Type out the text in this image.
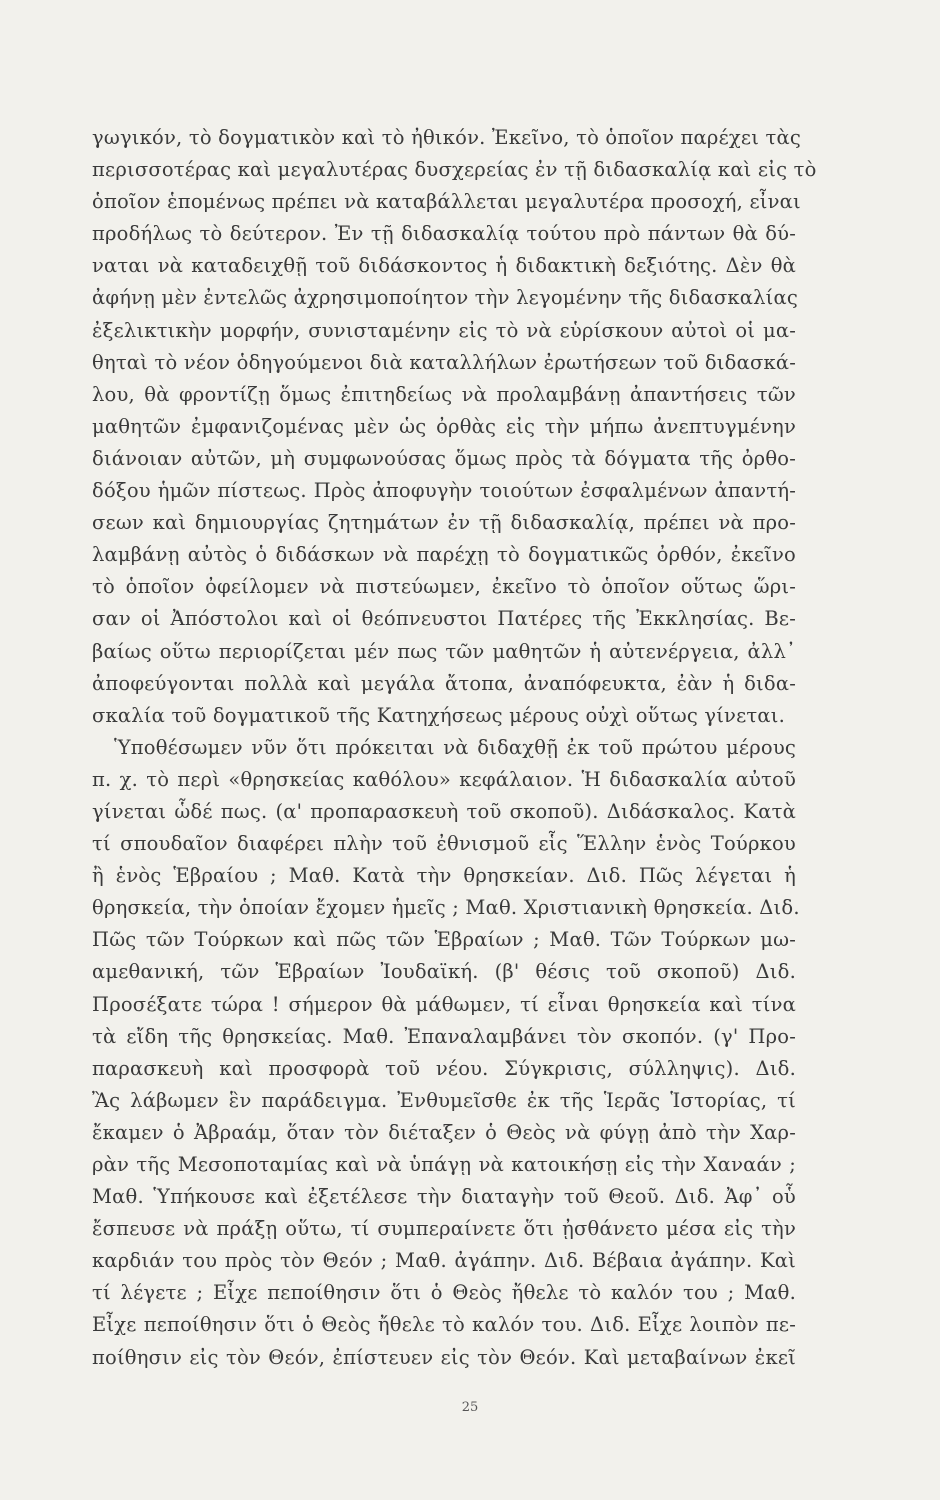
γωγικόν, τὸ δογματικὸν καὶ τὸ ἠθικόν. Ἐκεῖνο, τὸ ὁποῖον παρέχει τὰς
περισσοτέρας καὶ μεγαλυτέρας δυσχερείας ἐν τῇ διδασκαλίᾳ καὶ εἰς τὸ
ὁποῖον ἑπομένως πρέπει νὰ καταβάλλεται μεγαλυτέρα προσοχή, εἶναι
προδήλως τὸ δεύτερον. Ἐν τῇ διδασκαλίᾳ τούτου πρὸ πάντων θὰ δύ-
ναται νὰ καταδειχθῇ τοῦ διδάσκοντος ἡ διδακτικὴ δεξιότης. Δὲν θὰ
ἀφήνῃ μὲν ἐντελῶς ἀχρησιμοποίητον τὴν λεγομένην τῆς διδασκαλίας
ἐξελικτικὴν μορφήν, συνισταμένην εἰς τὸ νὰ εὑρίσκουν αὐτοὶ οἱ μα-
θηταὶ τὸ νέον ὁδηγούμενοι διὰ καταλλήλων ἐρωτήσεων τοῦ διδασκά-
λου, θὰ φροντίζῃ ὅμως ἐπιτηδείως νὰ προλαμβάνῃ ἀπαντήσεις τῶν
μαθητῶν ἐμφανιζομένας μὲν ὡς ὀρθὰς εἰς τὴν μήπω ἀνεπτυγμένην
διάνοιαν αὐτῶν, μὴ συμφωνούσας ὅμως πρὸς τὰ δόγματα τῆς ὀρθο-
δόξου ἡμῶν πίστεως. Πρὸς ἀποφυγὴν τοιούτων ἐσφαλμένων ἀπαντή-
σεων καὶ δημιουργίας ζητημάτων ἐν τῇ διδασκαλίᾳ, πρέπει νὰ προ-
λαμβάνῃ αὐτὸς ὁ διδάσκων νὰ παρέχῃ τὸ δογματικῶς ὀρθόν, ἐκεῖνο
τὸ ὁποῖον ὀφείλομεν νὰ πιστεύωμεν, ἐκεῖνο τὸ ὁποῖον οὕτως ὥρι-
σαν οἱ Ἀπόστολοι καὶ οἱ θεόπνευστοι Πατέρες τῆς Ἐκκλησίας. Βε-
βαίως οὕτω περιορίζεται μέν πως τῶν μαθητῶν ἡ αὐτενέργεια, ἀλλ᾽
ἀποφεύγονται πολλὰ καὶ μεγάλα ἄτοπα, ἀναπόφευκτα, ἐὰν ἡ διδα-
σκαλία τοῦ δογματικοῦ τῆς Κατηχήσεως μέρους οὐχὶ οὕτως γίνεται.
Ὑποθέσωμεν νῦν ὅτι πρόκειται νὰ διδαχθῇ ἐκ τοῦ πρώτου μέρους
π. χ. τὸ περὶ «θρησκείας καθόλου» κεφάλαιον. Ἡ διδασκαλία αὐτοῦ
γίνεται ὧδέ πως. (α' προπαρασκευὴ τοῦ σκοποῦ). Διδάσκαλος. Κατὰ
τί σπουδαῖον διαφέρει πλὴν τοῦ ἐθνισμοῦ εἷς Ἕλλην ἑνὸς Τούρκου
ἢ ἑνὸς Ἑβραίου ; Μαθ. Κατὰ τὴν θρησκείαν. Διδ. Πῶς λέγεται ἡ
θρησκεία, τὴν ὁποίαν ἔχομεν ἡμεῖς ; Μαθ. Χριστιανικὴ θρησκεία. Διδ.
Πῶς τῶν Τούρκων καὶ πῶς τῶν Ἑβραίων ; Μαθ. Τῶν Τούρκων μω-
αμεθανική, τῶν Ἑβραίων Ἰουδαϊκή. (β' θέσις τοῦ σκοποῦ) Διδ.
Προσέξατε τώρα ! σήμερον θὰ μάθωμεν, τί εἶναι θρησκεία καὶ τίνα
τὰ εἴδη τῆς θρησκείας. Μαθ. Ἐπαναλαμβάνει τὸν σκοπόν. (γ' Προ-
παρασκευὴ καὶ προσφορὰ τοῦ νέου. Σύγκρισις, σύλληψις). Διδ.
Ἂς λάβωμεν ἓν παράδειγμα. Ἐνθυμεῖσθε ἐκ τῆς Ἱερᾶς Ἱστορίας, τί
ἔκαμεν ὁ Ἀβραάμ, ὅταν τὸν διέταξεν ὁ Θεὸς νὰ φύγῃ ἀπὸ τὴν Χαρ-
ρὰν τῆς Μεσοποταμίας καὶ νὰ ὑπάγῃ νὰ κατοικήσῃ εἰς τὴν Χαναάν ;
Μαθ. Ὑπήκουσε καὶ ἐξετέλεσε τὴν διαταγὴν τοῦ Θεοῦ. Διδ. Ἀφ᾽ οὗ
ἔσπευσε νὰ πράξῃ οὕτω, τί συμπεραίνετε ὅτι ᾐσθάνετο μέσα εἰς τὴν
καρδιάν του πρὸς τὸν Θεόν ; Μαθ. ἀγάπην. Διδ. Βέβαια ἀγάπην. Καὶ
τί λέγετε ; Εἶχε πεποίθησιν ὅτι ὁ Θεὸς ἤθελε τὸ καλόν του ; Μαθ.
Εἶχε πεποίθησιν ὅτι ὁ Θεὸς ἤθελε τὸ καλόν του. Διδ. Εἶχε λοιπὸν πε-
ποίθησιν εἰς τὸν Θεόν, ἐπίστευεν εἰς τὸν Θεόν. Καὶ μεταβαίνων ἐκεῖ
25
